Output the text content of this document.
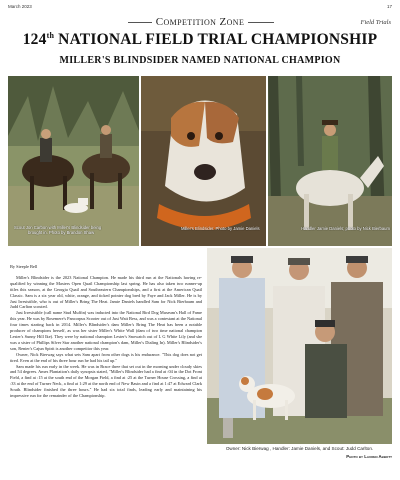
March 2023	17
Competition Zone	Field Trials
124th NATIONAL FIELD TRIAL CHAMPIONSHIP
MILLER'S BLINDSIDER NAMED NATIONAL CHAMPION
Scout Jon Carbon with Miller's Blindsider being
brought in. Photo by Brandon Shaw
Miller's Blindsider. Photo by Jamie Daniels	Handler Jamie Daniels; photo by Nick Bierbaum
By Steeple Bell

Miller's Blindsider is the 2023 National Champion. He made his third run at the Nationals having re-qualified by winning the Masters Open Quail Championship last spring. He has also taken two runner-up titles this season, at the Georgia Quail and Southeastern Championships, and a first at the American Quail Classic. Sam is a six year old, white, orange, and ticked pointer dog bred by Faye and Jack Miller. He is by Just Irresistible, who is out of Miller's Bring The Heat. Jamie Daniels handled Sam for Nick Bierbaum and Judd Carlton scouted.

Just Irresistible (call name Stud Muffin) was inducted into the National Bird Dog Museum's Hall of Fame this year. He was by Rosemere's Pancorpus Scooter out of Just Wait Bess, and was a contestant at the National four times starting back in 2014. Miller's Blindsider's dam Miller's Bring The Heat has been a notable producer of champions herself, as was her sister Miller's White Wall (dam of two time national champion Lester's Sunny Hill Ike). They were by national champion Lester's Snowatch out of L G White Lily (and she was a sister of Phillips Silver Star another national champion's dam, Miller's Dialing In). Miller's Blindsider's son, Renier's Cajun Spirit is another competitor this year.

Owner, Nick Bierwag says what sets Sam apart from other dogs is his endurance. "This dog does not get tired. Even at the end of his three hour run he had his tail up."

Sam made his run early in the week. He was in Brace three that set out in the morning under cloudy skies and 54 degrees. Ames Plantation's daily synopsis stated, "Miller's Blindsider had a find at :04 in the Dot Front Field, a find at :15 at the south end of the Morgan Field, a find at :25 at the Turner House Crossing, a find at :33 at the end of Turner Neck, a find at 1:29 at the north end of New Basin and a find at 1:47 at Edward Clark South. Blindsider finished the three hours." He had six total finds, leading early and maintaining his impressive run for the remainder of the Championship.

Owner: Nick Bierwag , Handler: Jamie Daniels, and Scout: Judd Carlton.
Photo by Lauren Abbott
